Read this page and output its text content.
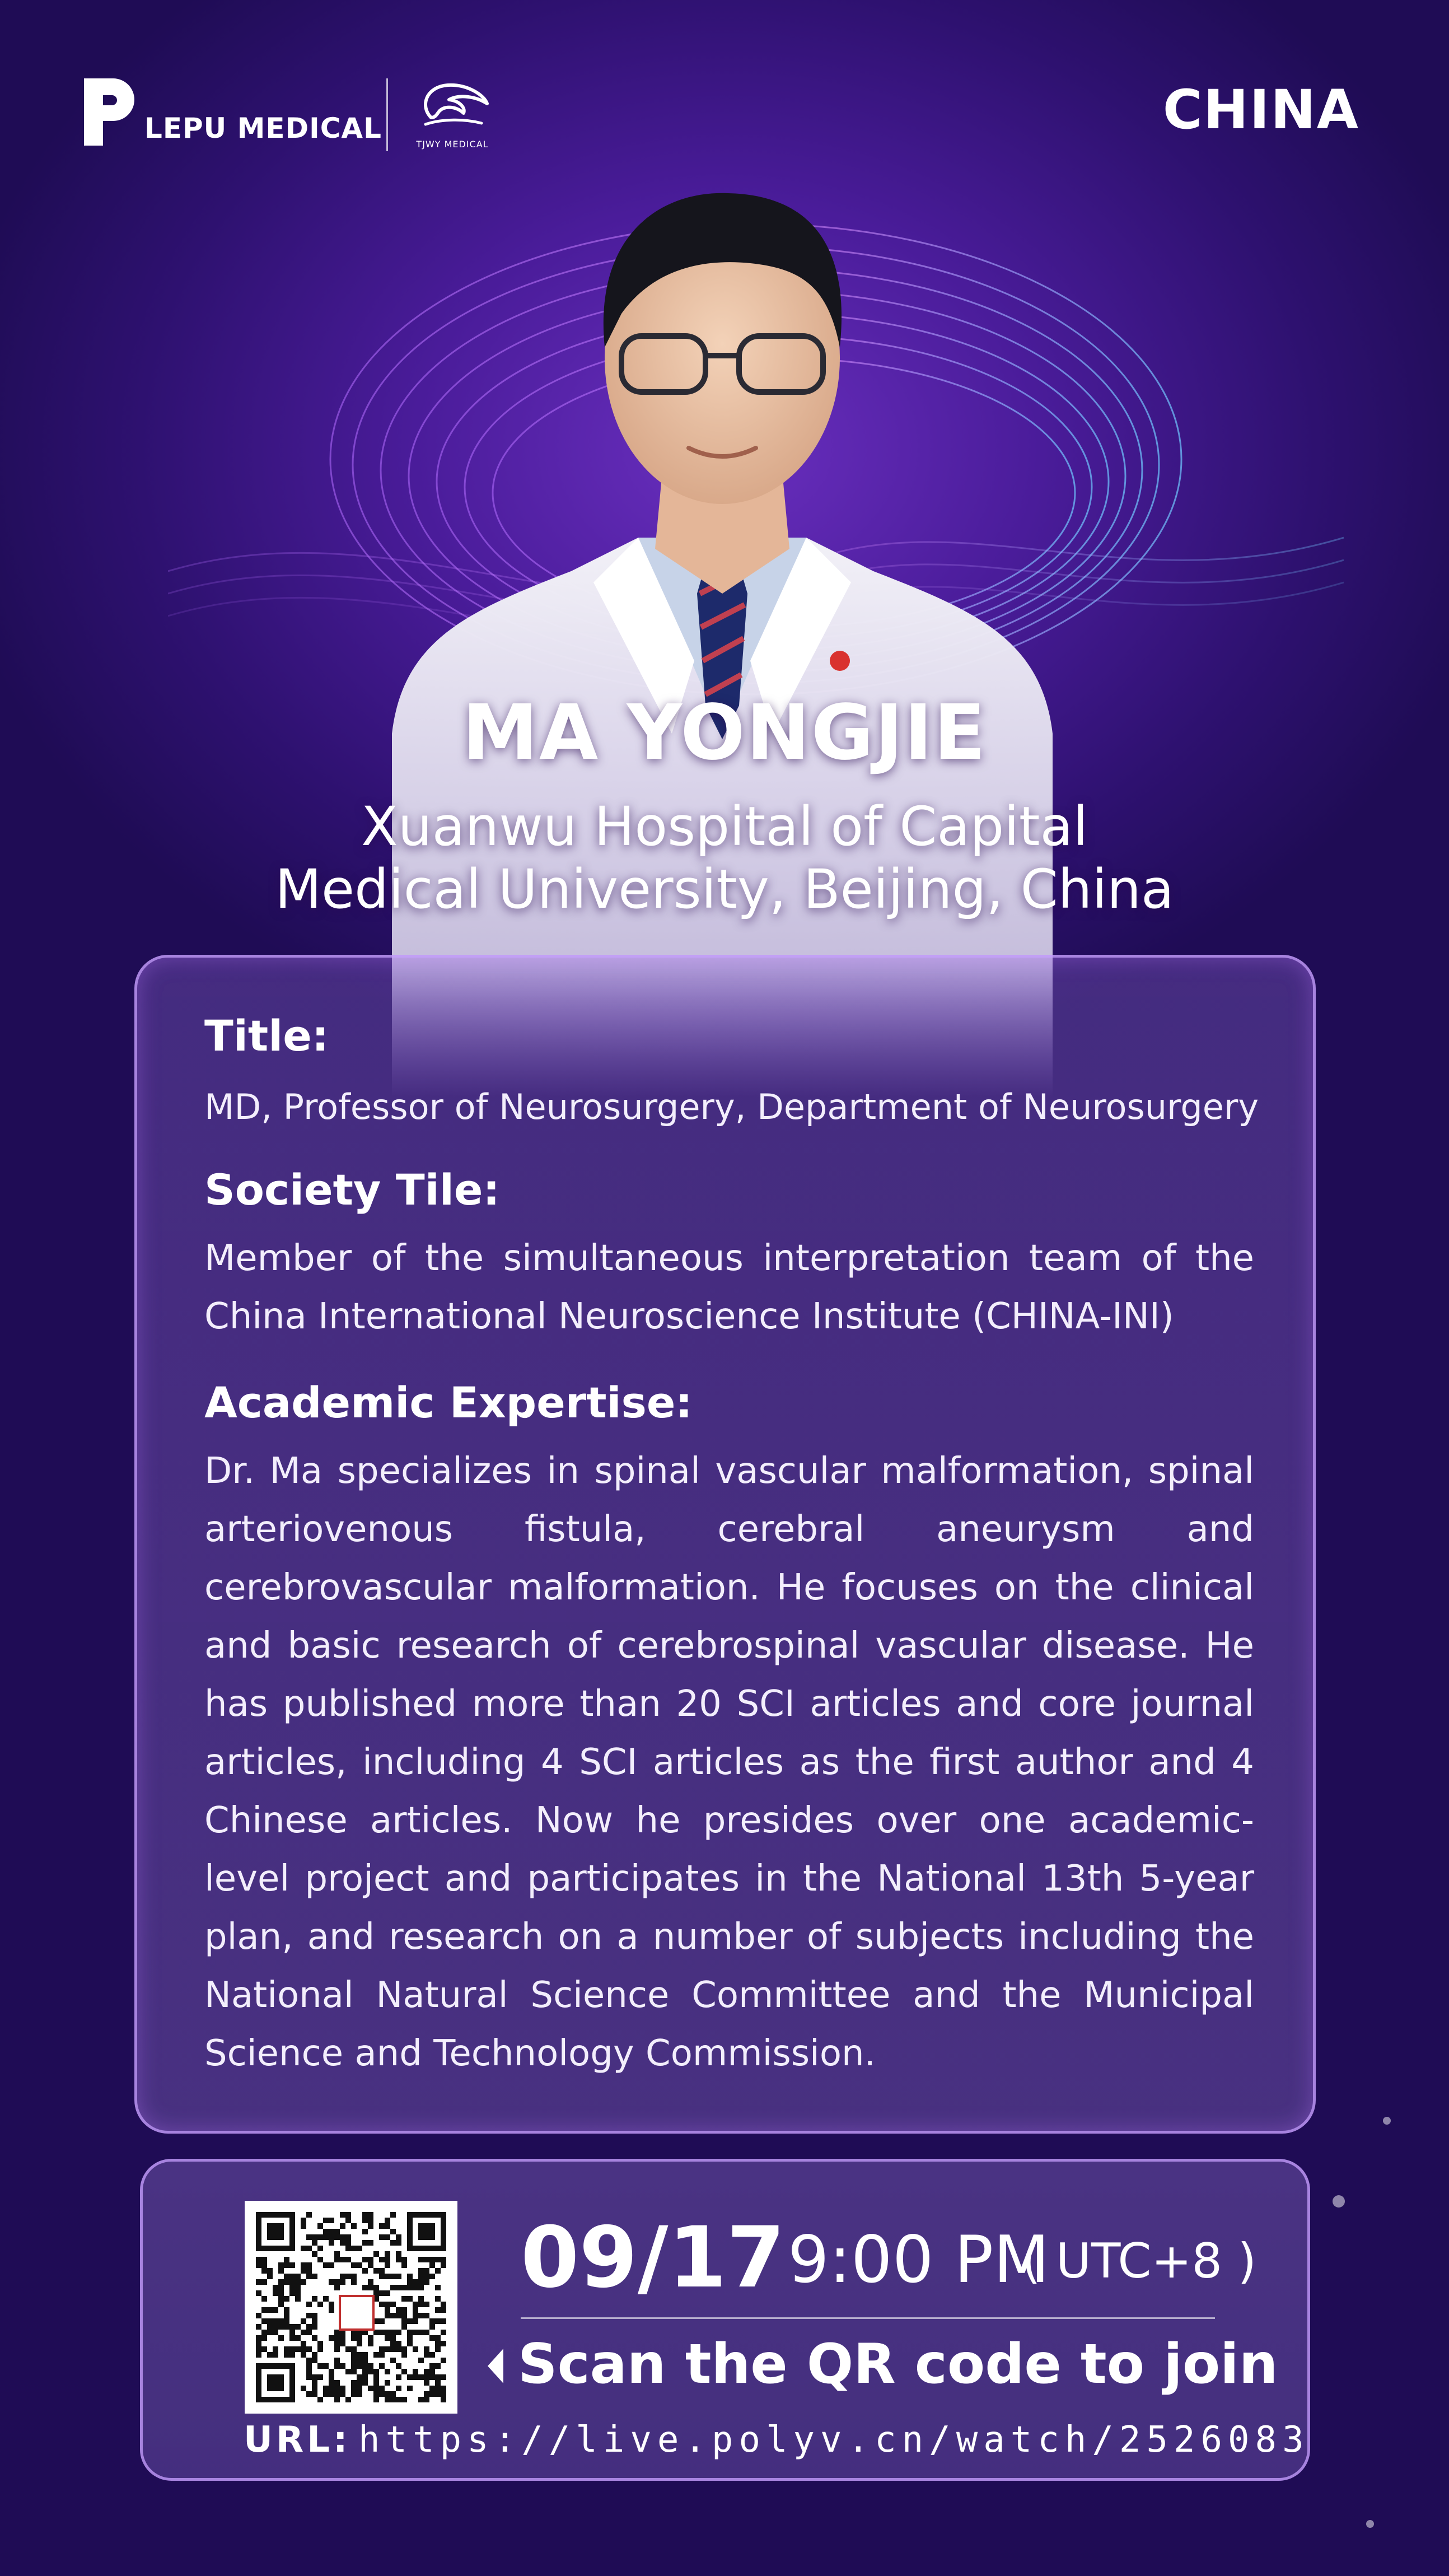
LEPU MEDICAL	TJWY MEDICAL
CHINA
MA YONGJIE
Xuanwu Hospital of Capital
Medical University, Beijing, China
Title:
MD, Professor of Neurosurgery, Department of Neurosurgery
Society Tile:
Member of the simultaneous interpretation team of the China International Neuroscience Institute (CHINA-INI)
Academic Expertise:
Dr. Ma specializes in spinal vascular malformation, spinal arteriovenous fistula, cerebral aneurysm and cerebrovascular malformation. He focuses on the clinical and basic research of cerebrospinal vascular disease. He has published more than 20 SCI articles and core journal articles, including 4 SCI articles as the first author and 4 Chinese articles. Now he presides over one academic-level project and participates in the National 13th 5-year plan, and research on a number of subjects including the National Natural Science Committee and the Municipal Science and Technology Commission.
09/17 9:00 PM
( UTC+8 )
Scan the QR code to join
URL: https://live.polyv.cn/watch/2526083
